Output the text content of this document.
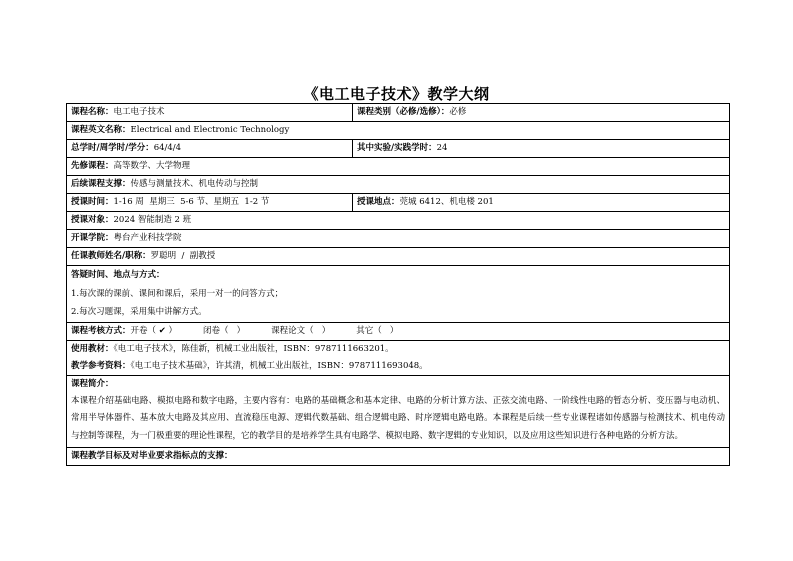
《电工电子技术》教学大纲
课程名称：电工电子技术	课程类别（必修/选修）：必修
课程英文名称：Electrical and Electronic Technology
总学时/周学时/学分：64/4/4	其中实验/实践学时：24
先修课程：高等数学、大学物理
后续课程支撑：传感与测量技术、机电传动与控制
授课时间：1-16 周  星期三  5-6 节、星期五  1-2 节	授课地点：莞城 6412、机电楼 201
授课对象：2024 智能制造 2 班
开课学院：粤台产业科技学院
任课教师姓名/职称：罗聪明  /  副教授
答疑时间、地点与方式：
1.每次课的课前、课间和课后，采用一对一的问答方式；
2.每次习题课，采用集中讲解方式。
课程考核方式：开卷（ ✔ ）	闭卷（   ）	课程论文（   ）	其它（   ）
使用教材：《电工电子技术》，陈佳新，机械工业出版社，ISBN：9787111663201。
教学参考资料：《电工电子技术基础》，许其清，机械工业出版社，ISBN：9787111693048。
课程简介：
本课程介绍基础电路、模拟电路和数字电路，主要内容有：电路的基础概念和基本定律、电路的分析计算方法、正弦交流电路、一阶线性电路的暂态分析、变压器与电动机、常用半导体器件、基本放大电路及其应用、直流稳压电源、逻辑代数基础、组合逻辑电路、时序逻辑电路电路。本课程是后续一些专业课程诸如传感器与检测技术、机电传动与控制等课程，为一门极重要的理论性课程，它的教学目的是培养学生具有电路学、模拟电路、数字逻辑的专业知识，以及应用这些知识进行各种电路的分析方法。
课程教学目标及对毕业要求指标点的支撑：
